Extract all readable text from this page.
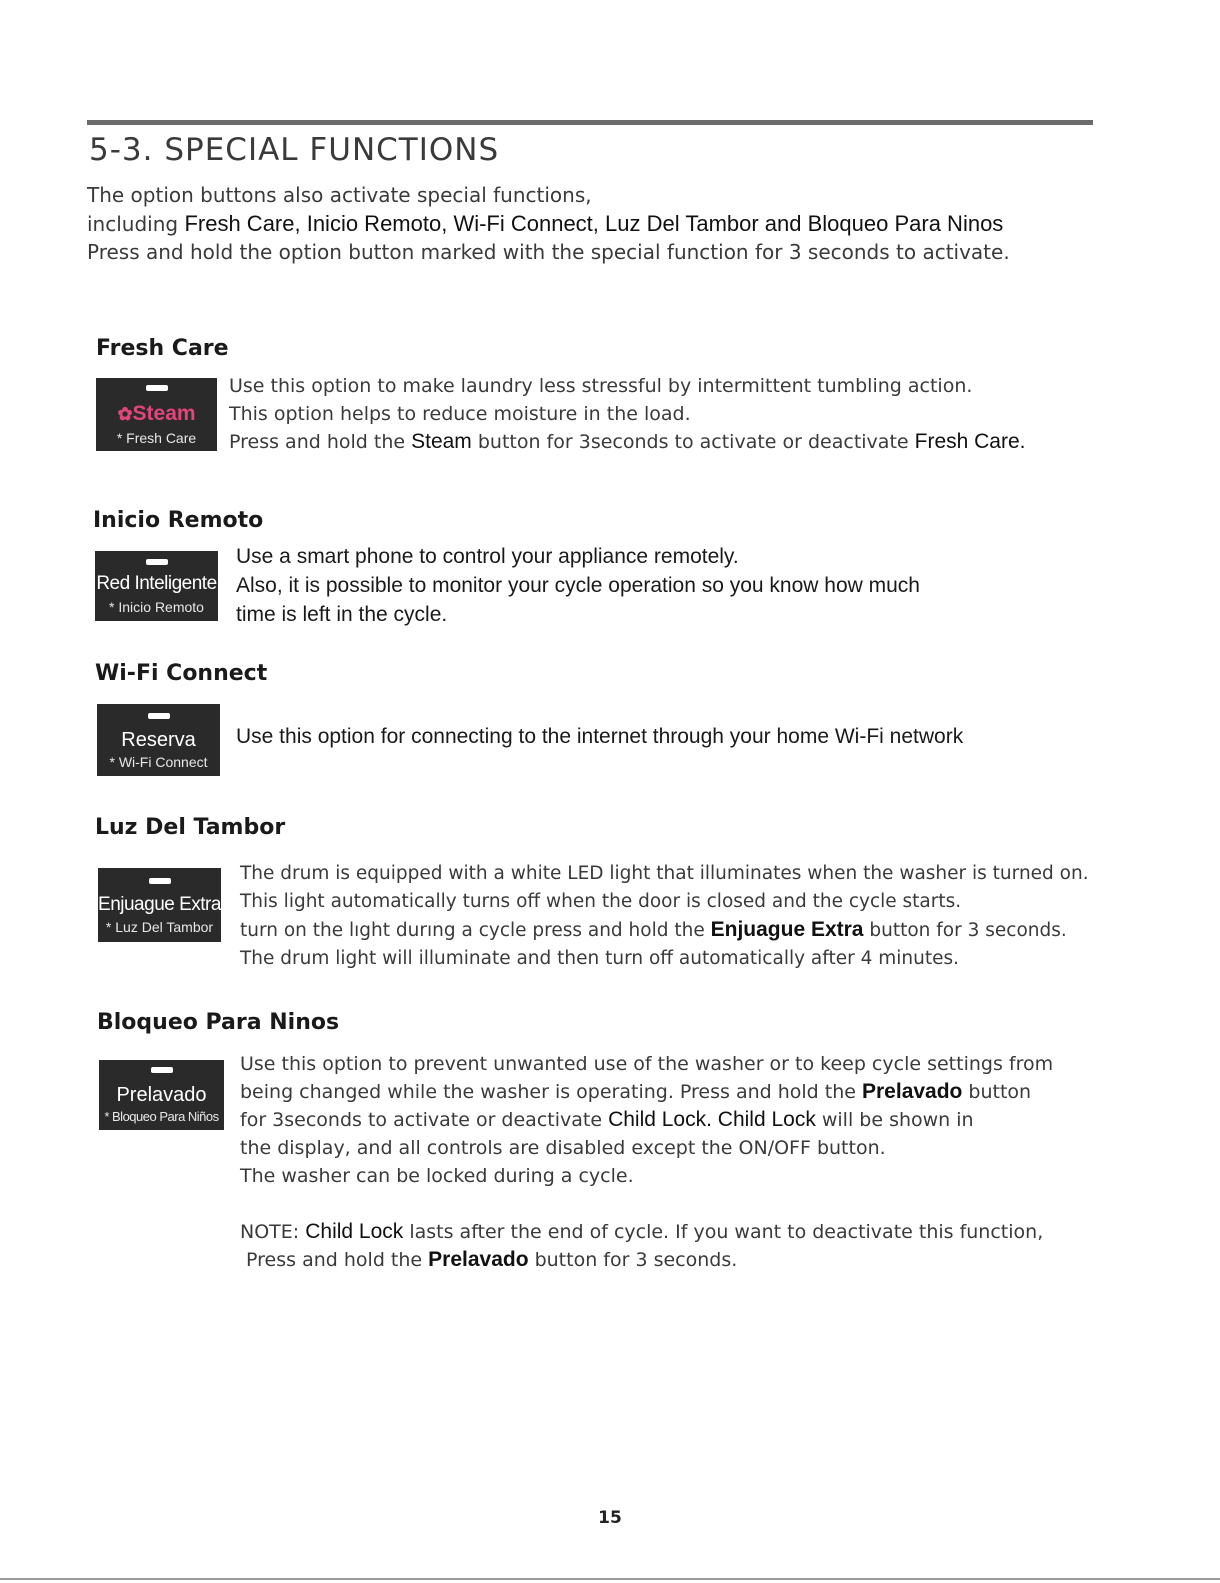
5-3. SPECIAL FUNCTIONS
The option buttons also activate special functions,
including Fresh Care, Inicio Remoto, Wi-Fi Connect, Luz Del Tambor and Bloqueo Para Ninos
Press and hold the option button marked with the special function for 3 seconds to activate.
Fresh Care
✿Steam
* Fresh Care
Use this option to make laundry less stressful by intermittent tumbling action.
This option helps to reduce moisture in the load.
Press and hold the Steam button for 3seconds to activate or deactivate Fresh Care.
Inicio Remoto
Red Inteligente
* Inicio Remoto
Use a smart phone to control your appliance remotely.
Also, it is possible to monitor your cycle operation so you know how much
time is left in the cycle.
Wi-Fi Connect
Reserva
* Wi-Fi Connect
Use this option for connecting to the internet through your home Wi-Fi network
Luz Del Tambor
Enjuague Extra
* Luz Del Tambor
The drum is equipped with a white LED light that illuminates when the washer is turned on.
This light automatically turns off when the door is closed and the cycle starts.
turn on the lıght durıng a cycle press and hold the Enjuague Extra button for 3 seconds.
The drum light will illuminate and then turn off automatically after 4 minutes.
Bloqueo Para Ninos
Prelavado
* Bloqueo Para Niños
Use this option to prevent unwanted use of the washer or to keep cycle settings from
being changed while the washer is operating. Press and hold the Prelavado button
for 3seconds to activate or deactivate Child Lock. Child Lock will be shown in
the display, and all controls are disabled except the ON/OFF button.
The washer can be locked during a cycle.
NOTE: Child Lock lasts after the end of cycle. If you want to deactivate this function,
Press and hold the Prelavado button for 3 seconds.
15
